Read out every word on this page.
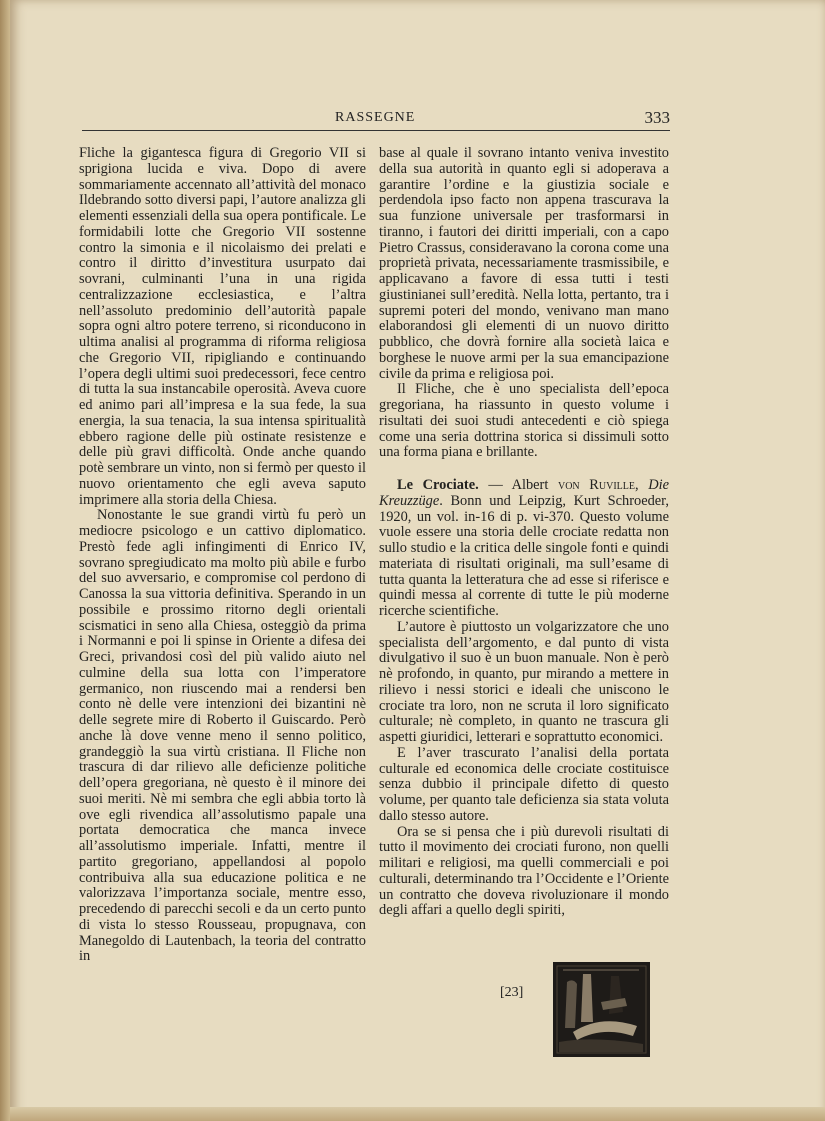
RASSEGNE	333

Fliche la gigantesca figura di Gregorio VII si sprigiona lucida e viva. Dopo di avere sommariamente accennato all’attività del monaco Ildebrando sotto diversi papi, l’autore analizza gli elementi essenziali della sua opera pontificale. Le formidabili lotte che Gregorio VII sostenne contro la simonia e il nicolaismo dei prelati e contro il diritto d’investitura usurpato dai sovrani, culminanti l’una in una rigida centralizzazione ecclesiastica, e l’altra nell’assoluto predominio dell’autorità papale sopra ogni altro potere terreno, si riconducono in ultima analisi al programma di riforma religiosa che Gregorio VII, ripigliando e continuando l’opera degli ultimi suoi predecessori, fece centro di tutta la sua instancabile operosità. Aveva cuore ed animo pari all’impresa e la sua fede, la sua energia, la sua tenacia, la sua intensa spiritualità ebbero ragione delle più ostinate resistenze e delle più gravi difficoltà. Onde anche quando potè sembrare un vinto, non si fermò per questo il nuovo orientamento che egli aveva saputo imprimere alla storia della Chiesa.

Nonostante le sue grandi virtù fu però un mediocre psicologo e un cattivo diplomatico. Prestò fede agli infingimenti di Enrico IV, sovrano spregiudicato ma molto più abile e furbo del suo avversario, e compromise col perdono di Canossa la sua vittoria definitiva. Sperando in un possibile e prossimo ritorno degli orientali scismatici in seno alla Chiesa, osteggiò da prima i Normanni e poi li spinse in Oriente a difesa dei Greci, privandosi così del più valido aiuto nel culmine della sua lotta con l’imperatore germanico, non riuscendo mai a rendersi ben conto nè delle vere intenzioni dei bizantini nè delle segrete mire di Roberto il Guiscardo. Però anche là dove venne meno il senno politico, grandeggiò la sua virtù cristiana. Il Fliche non trascura di dar rilievo alle deficienze politiche dell’opera gregoriana, nè questo è il minore dei suoi meriti. Nè mi sembra che egli abbia torto là ove egli rivendica all’assolutismo papale una portata democratica che manca invece all’assolutismo imperiale. Infatti, mentre il partito gregoriano, appellandosi al popolo contribuiva alla sua educazione politica e ne valorizzava l’importanza sociale, mentre esso, precedendo di parecchi secoli e da un certo punto di vista lo stesso Rousseau, propugnava, con Manegoldo di Lautenbach, la teoria del contratto in

base al quale il sovrano intanto veniva investito della sua autorità in quanto egli si adoperava a garantire l’ordine e la giustizia sociale e perdendola ipso facto non appena trascurava la sua funzione universale per trasformarsi in tiranno, i fautori dei diritti imperiali, con a capo Pietro Crassus, consideravano la corona come una proprietà privata, necessariamente trasmissibile, e applicavano a favore di essa tutti i testi giustinianei sull’eredità. Nella lotta, pertanto, tra i supremi poteri del mondo, venivano man mano elaborandosi gli elementi di un nuovo diritto pubblico, che dovrà fornire alla società laica e borghese le nuove armi per la sua emancipazione civile da prima e religiosa poi.

Il Fliche, che è uno specialista dell’epoca gregoriana, ha riassunto in questo volume i risultati dei suoi studi antecedenti e ciò spiega come una seria dottrina storica si dissimuli sotto una forma piana e brillante.

Le Crociate. — Albert von Ruville, Die Kreuzzüge. Bonn und Leipzig, Kurt Schroeder, 1920, un vol. in-16 di p. vi-370. Questo volume vuole essere una storia delle crociate redatta non sullo studio e la critica delle singole fonti e quindi materiata di risultati originali, ma sull’esame di tutta quanta la letteratura che ad esse si riferisce e quindi messa al corrente di tutte le più moderne ricerche scientifiche.

L’autore è piuttosto un volgarizzatore che uno specialista dell’argomento, e dal punto di vista divulgativo il suo è un buon manuale. Non è però nè profondo, in quanto, pur mirando a mettere in rilievo i nessi storici e ideali che uniscono le crociate tra loro, non ne scruta il loro significato culturale; nè completo, in quanto ne trascura gli aspetti giuridici, letterari e soprattutto economici.

E l’aver trascurato l’analisi della portata culturale ed economica delle crociate costituisce senza dubbio il principale difetto di questo volume, per quanto tale deficienza sia stata voluta dallo stesso autore.

Ora se si pensa che i più durevoli risultati di tutto il movimento dei crociati furono, non quelli militari e religiosi, ma quelli commerciali e poi culturali, determinando tra l’Occidente e l’Oriente un contratto che doveva rivoluzionare il mondo degli affari a quello degli spiriti,

[23]
